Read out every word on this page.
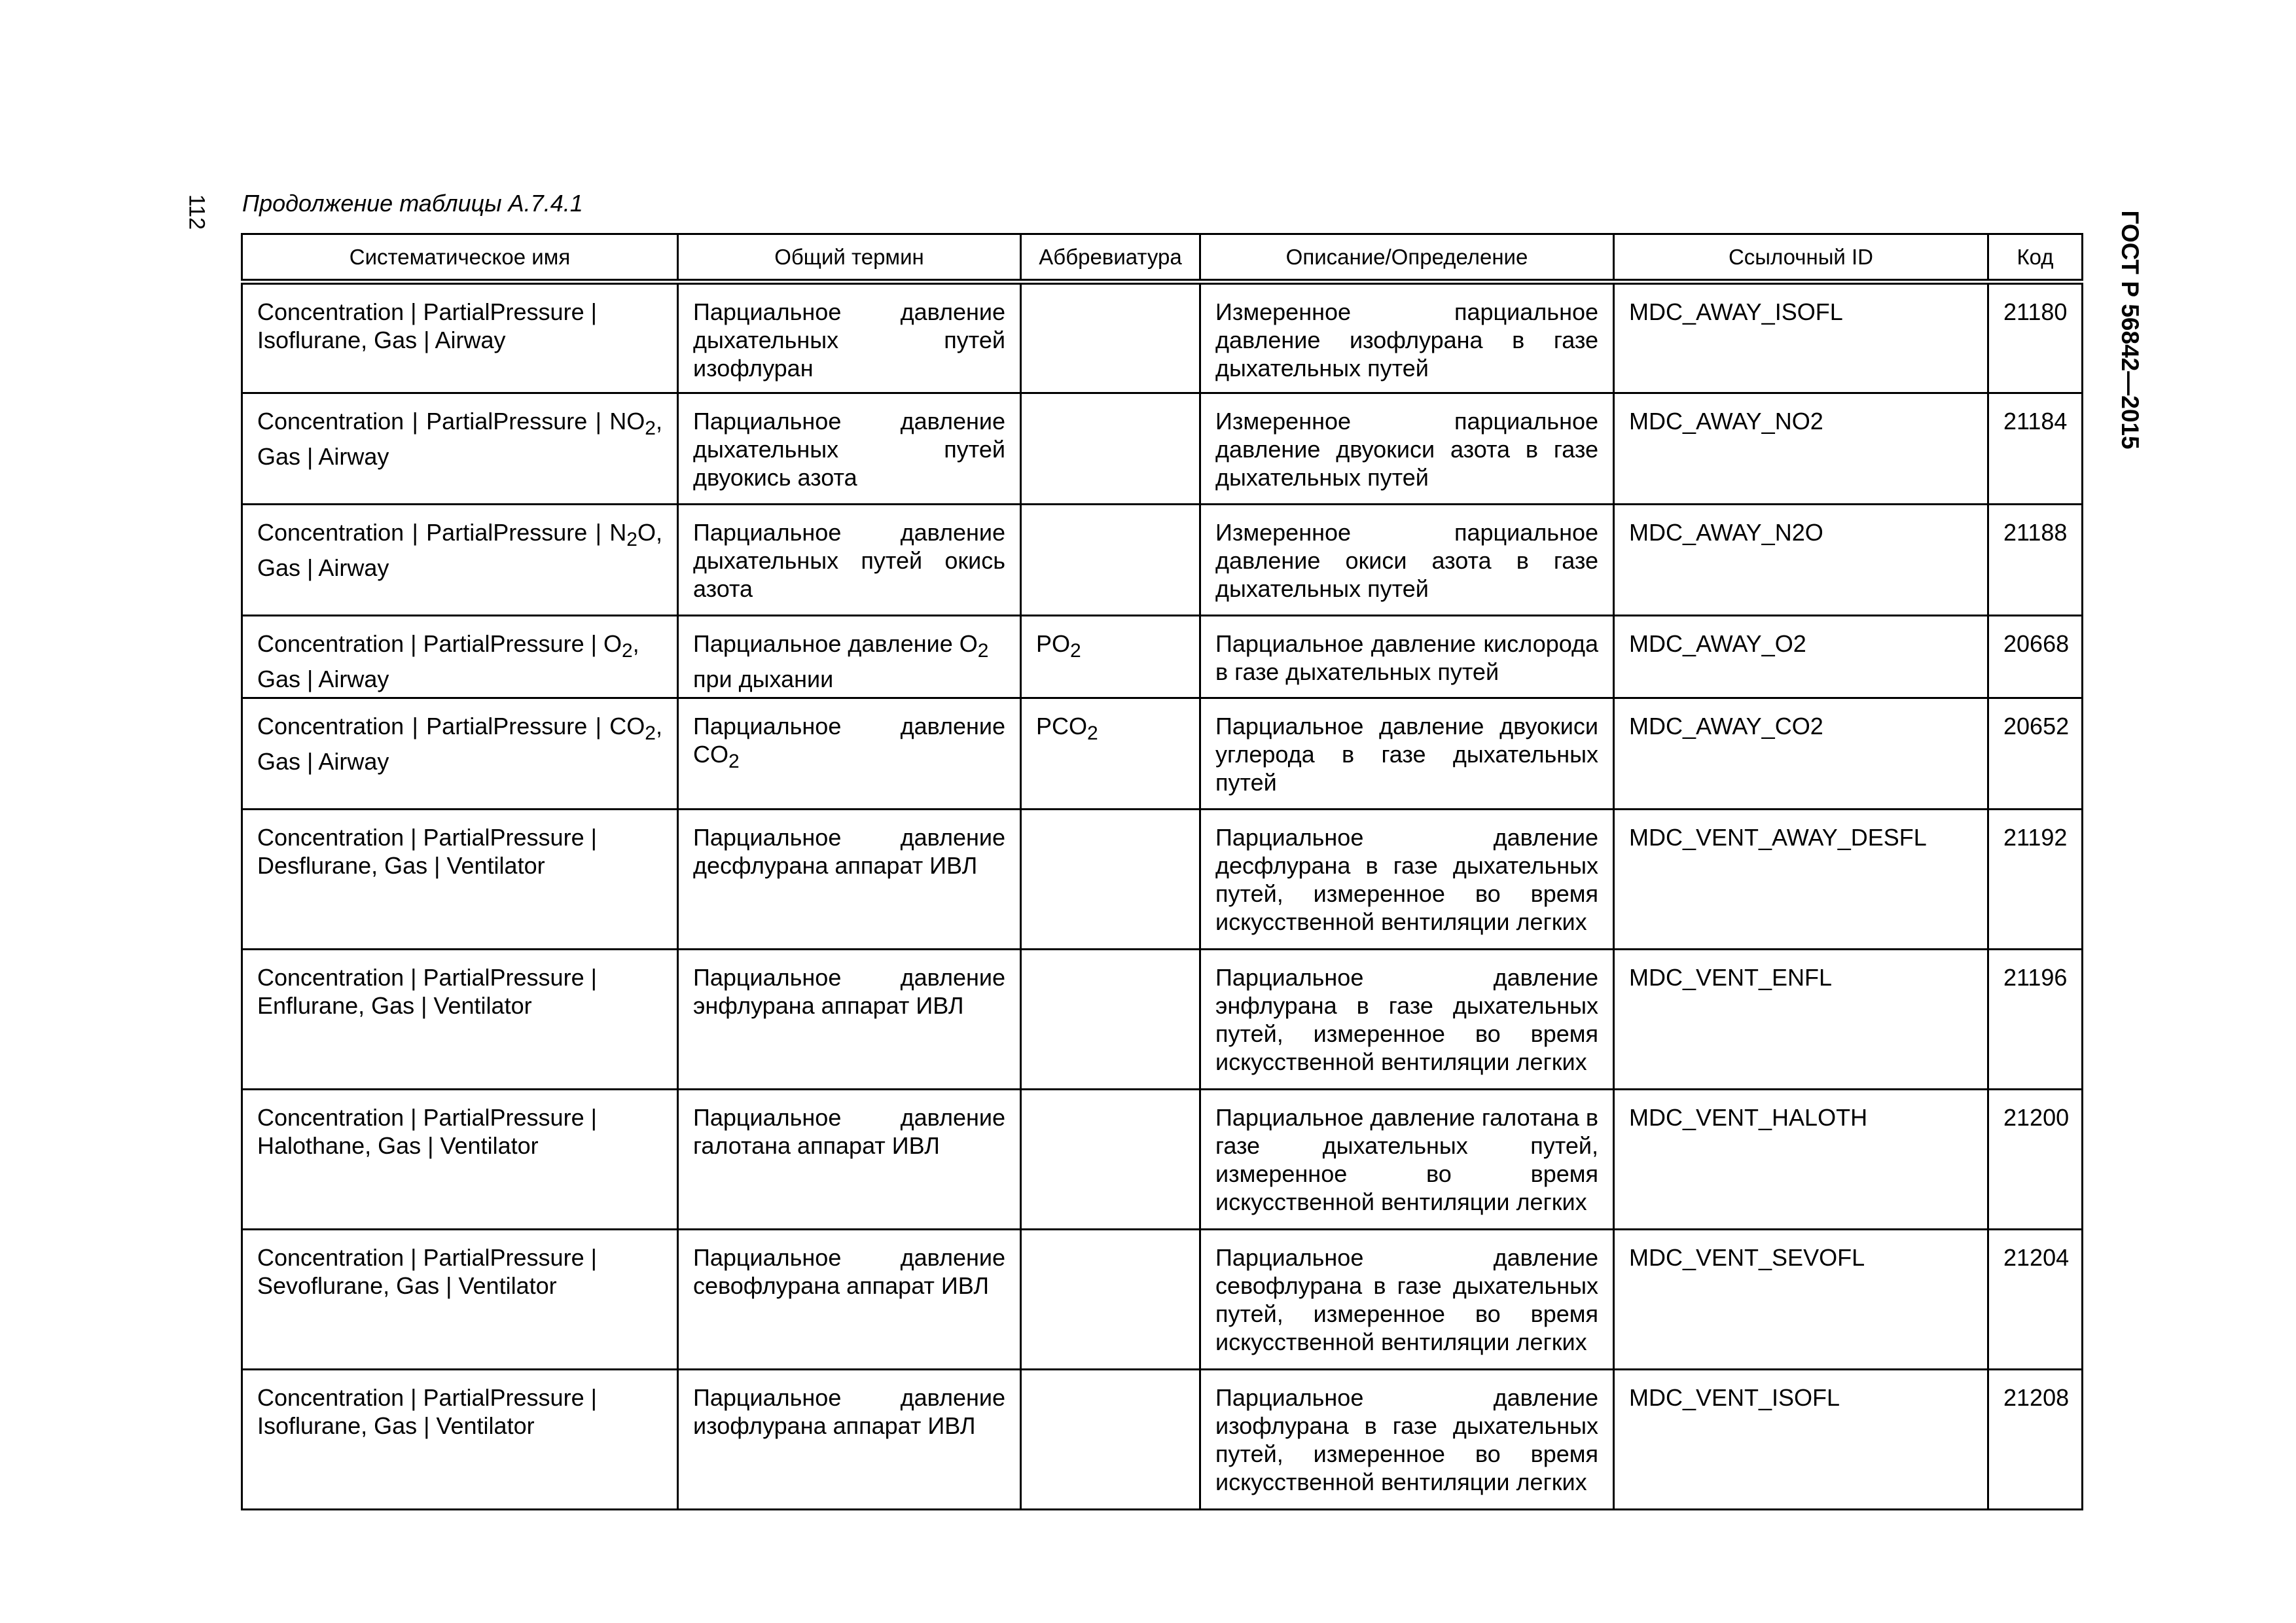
112	ГОСТ Р 56842—2015
Продолжение таблицы А.7.4.1
Систематическое имя	Общий термин	Аббревиатура	Описание/Определение	Ссылочный ID	Код
Concentration | PartialPressure | Isoflurane, Gas | Airway	Парциальное давление дыхательных путей изофлуран		Измеренное парциальное давление изофлурана в газе дыхательных путей	MDC_AWAY_ISOFL	21180
Concentration | PartialPressure | $NO_2$, Gas | Airway	Парциальное давление дыхательных путей двуокись азота		Измеренное парциальное давление двуокиси азота в газе дыхательных путей	MDC_AWAY_NO2	21184
Concentration | PartialPressure | $N_2O$, Gas | Airway	Парциальное давление дыхательных путей окись азота		Измеренное парциальное давление окиси азота в газе дыхательных путей	MDC_AWAY_N2O	21188
Concentration | PartialPressure | $O_2$, Gas | Airway	Парциальное давление $O_2$ при дыхании	$PO_2$	Парциальное давление кислорода в газе дыхательных путей	MDC_AWAY_O2	20668
Concentration | PartialPressure | $CO_2$, Gas | Airway	Парциальное давление $CO_2$	$PCO_2$	Парциальное давление двуокиси углерода в газе дыхательных путей	MDC_AWAY_CO2	20652
Concentration | PartialPressure | Desflurane, Gas | Ventilator	Парциальное давление десфлурана аппарат ИВЛ		Парциальное давление десфлурана в газе дыхательных путей, измеренное во время искусственной вентиляции легких	MDC_VENT_AWAY_DESFL	21192
Concentration | PartialPressure | Enflurane, Gas | Ventilator	Парциальное давление энфлурана аппарат ИВЛ		Парциальное давление энфлурана в газе дыхательных путей, измеренное во время искусственной вентиляции легких	MDC_VENT_ENFL	21196
Concentration | PartialPressure | Halothane, Gas | Ventilator	Парциальное давление галотана аппарат ИВЛ		Парциальное давление галотана в газе дыхательных путей, измеренное во время искусственной вентиляции легких	MDC_VENT_HALOTH	21200
Concentration | PartialPressure | Sevoflurane, Gas | Ventilator	Парциальное давление севофлурана аппарат ИВЛ		Парциальное давление севофлурана в газе дыхательных путей, измеренное во время искусственной вентиляции легких	MDC_VENT_SEVOFL	21204
Concentration | PartialPressure | Isoflurane, Gas | Ventilator	Парциальное давление изофлурана аппарат ИВЛ		Парциальное давление изофлурана в газе дыхательных путей, измеренное во время искусственной вентиляции легких	MDC_VENT_ISOFL	21208
